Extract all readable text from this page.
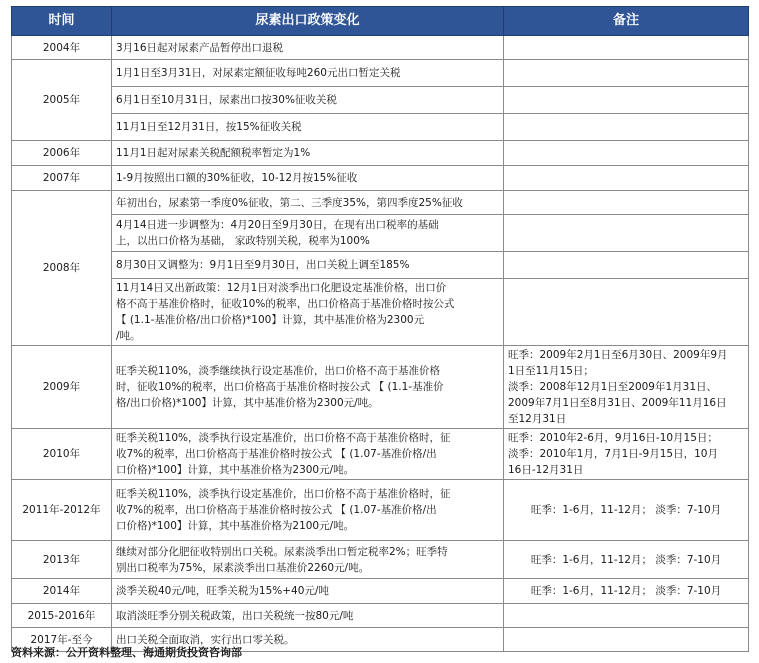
时间	尿素出口政策变化	备注
2004年	3月16日起对尿素产品暂停出口退税	
2005年	1月1日至3月31日，对尿素定额征收每吨260元出口暂定关税	
	6月1日至10月31日，尿素出口按30%征收关税	
	11月1日至12月31日，按15%征收关税	
2006年	11月1日起对尿素关税配额税率暂定为1%	
2007年	1-9月按照出口额的30%征收，10-12月按15%征收	
2008年	年初出台，尿素第一季度0%征收，第二、三季度35%，第四季度25%征收	
	4月14日进一步调整为：4月20日至9月30日，在现有出口税率的基础
上，以出口价格为基础， 家政特别关税，税率为100%	
	8月30日又调整为：9月1日至9月30日，出口关税上调至185%	
	11月14日又出新政策：12月1日对淡季出口化肥设定基准价格，出口价
格不高于基准价格时，征收10%的税率，出口价格高于基准价格时按公式
【 (1.1-基准价格/出口价格)*100】计算，其中基准价格为2300元
/吨。	
2009年	旺季关税110%，淡季继续执行设定基准价，出口价格不高于基准价格
时，征收10%的税率，出口价格高于基准价格时按公式 【 (1.1-基准价
格/出口价格)*100】计算，其中基准价格为2300元/吨。	旺季：2009年2月1日至6月30日、2009年9月
1日至11月15日；
淡季：2008年12月1日至2009年1月31日、
2009年7月1日至8月31日、2009年11月16日
至12月31日
2010年	旺季关税110%，淡季执行设定基准价，出口价格不高于基准价格时，征
收7%的税率，出口价格高于基准价格时按公式 【 (1.07-基准价格/出
口价格)*100】计算，其中基准价格为2300元/吨。	旺季：2010年2-6月，9月16日-10月15日；
淡季：2010年1月，7月1日-9月15日，10月
16日-12月31日
2011年-2012年	旺季关税110%，淡季执行设定基准价，出口价格不高于基准价格时，征
收7%的税率，出口价格高于基准价格时按公式 【 (1.07-基准价格/出
口价格)*100】计算，其中基准价格为2100元/吨。	旺季：1-6月，11-12月； 淡季：7-10月
2013年	继续对部分化肥征收特别出口关税。尿素淡季出口暂定税率2%；旺季特
别出口税率为75%，尿素淡季出口基准价2260元/吨。	旺季：1-6月，11-12月； 淡季：7-10月
2014年	淡季关税40元/吨，旺季关税为15%+40元/吨	旺季：1-6月，11-12月； 淡季：7-10月
2015-2016年	取消淡旺季分别关税政策，出口关税统一按80元/吨	
2017年-至今	出口关税全面取消，实行出口零关税。	
资料来源：公开资料整理、海通期货投资咨询部
